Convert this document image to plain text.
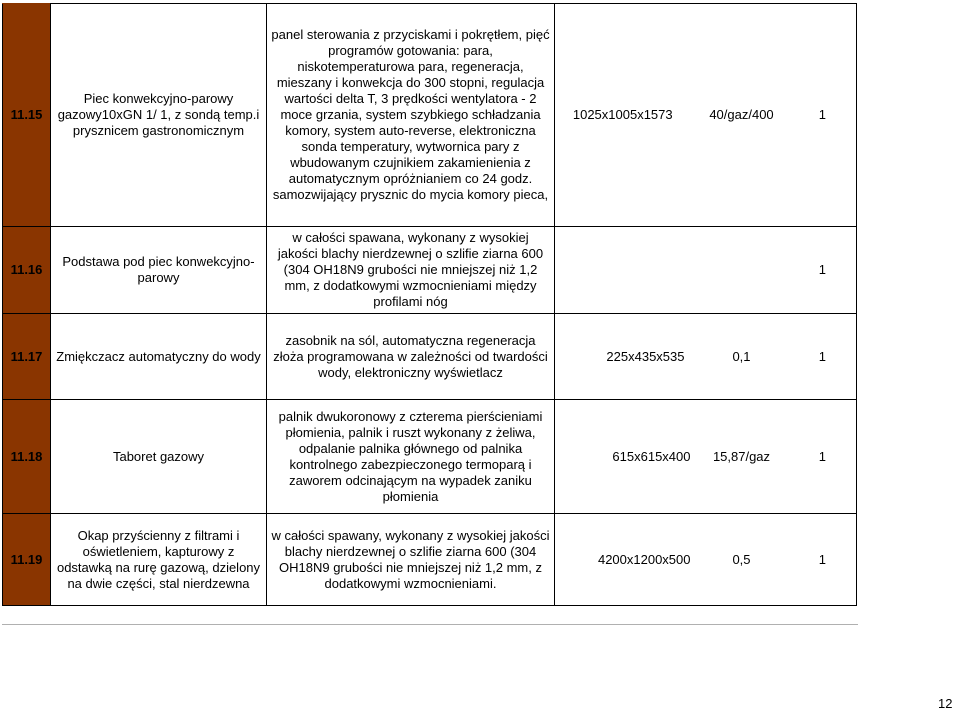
11.15	Piec konwekcyjno-parowy gazowy10xGN 1/ 1, z sondą temp.i prysznicem gastronomicznym	panel sterowania z przyciskami i pokrętłem, pięć programów gotowania: para, niskotemperaturowa para, regeneracja, mieszany i konwekcja do 300 stopni, regulacja wartości delta T, 3 prędkości wentylatora - 2 moce grzania, system szybkiego schładzania komory, system auto-reverse, elektroniczna sonda temperatury, wytwornica pary z wbudowanym czujnikiem zakamienienia z automatycznym opróżnianiem co 24 godz. samozwijający prysznic do mycia komory pieca,	1025x1005x1573	40/gaz/400	1
11.16	Podstawa pod piec konwekcyjno-parowy	w całości spawana, wykonany z wysokiej jakości blachy nierdzewnej o szlifie ziarna 600 (304 OH18N9 grubości nie mniejszej niż 1,2 mm, z dodatkowymi wzmocnieniami między profilami nóg			1
11.17	Zmiękczacz automatyczny do wody	zasobnik na sól, automatyczna regeneracja złoża programowana w zależności od twardości wody, elektroniczny wyświetlacz	225x435x535	0,1	1
11.18	Taboret gazowy	palnik dwukoronowy z czterema pierścieniami płomienia, palnik i ruszt wykonany z żeliwa, odpalanie palnika głównego od palnika kontrolnego zabezpieczonego termoparą i zaworem odcinającym na wypadek zaniku płomienia	615x615x400	15,87/gaz	1
11.19	Okap przyścienny z filtrami i oświetleniem, kapturowy z odstawką na rurę gazową, dzielony na dwie części, stal nierdzewna	w całości spawany, wykonany z wysokiej jakości blachy nierdzewnej o szlifie ziarna 600 (304 OH18N9 grubości nie mniejszej niż 1,2 mm, z dodatkowymi wzmocnieniami.	4200x1200x500	0,5	1
12
